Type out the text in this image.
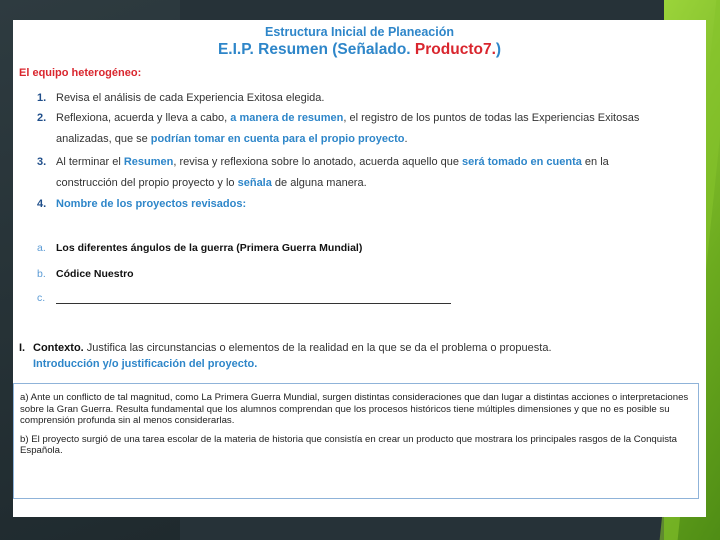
Estructura Inicial de Planeación
E.I.P. Resumen (Señalado. Producto7.)
El equipo heterogéneo:
1. Revisa el análisis de cada Experiencia Exitosa elegida.
2. Reflexiona, acuerda y lleva a cabo, a manera de resumen, el registro de los puntos de todas las Experiencias Exitosas
analizadas, que se podrían tomar en cuenta para el propio proyecto.
3. Al terminar el Resumen, revisa y reflexiona sobre lo anotado, acuerda aquello que será tomado en cuenta en la
construcción del propio proyecto y lo señala de alguna manera.
4. Nombre de los proyectos revisados:
a. Los diferentes ángulos de la guerra (Primera Guerra Mundial)
b. Códice Nuestro
c.
I. Contexto. Justifica las circunstancias o elementos de la realidad en la que se da el problema o propuesta.
Introducción y/o justificación del proyecto.

a) Ante un conflicto de tal magnitud, como La Primera Guerra Mundial, surgen distintas consideraciones que dan lugar a distintas acciones o interpretaciones sobre la Gran Guerra. Resulta fundamental que los alumnos comprendan que los procesos históricos tiene múltiples dimensiones y que no es posible su comprensión profunda sin al menos considerarlas.

b) El proyecto surgió de una tarea escolar de la materia de historia que consistía en crear un producto que mostrara los principales rasgos de la Conquista Española.
